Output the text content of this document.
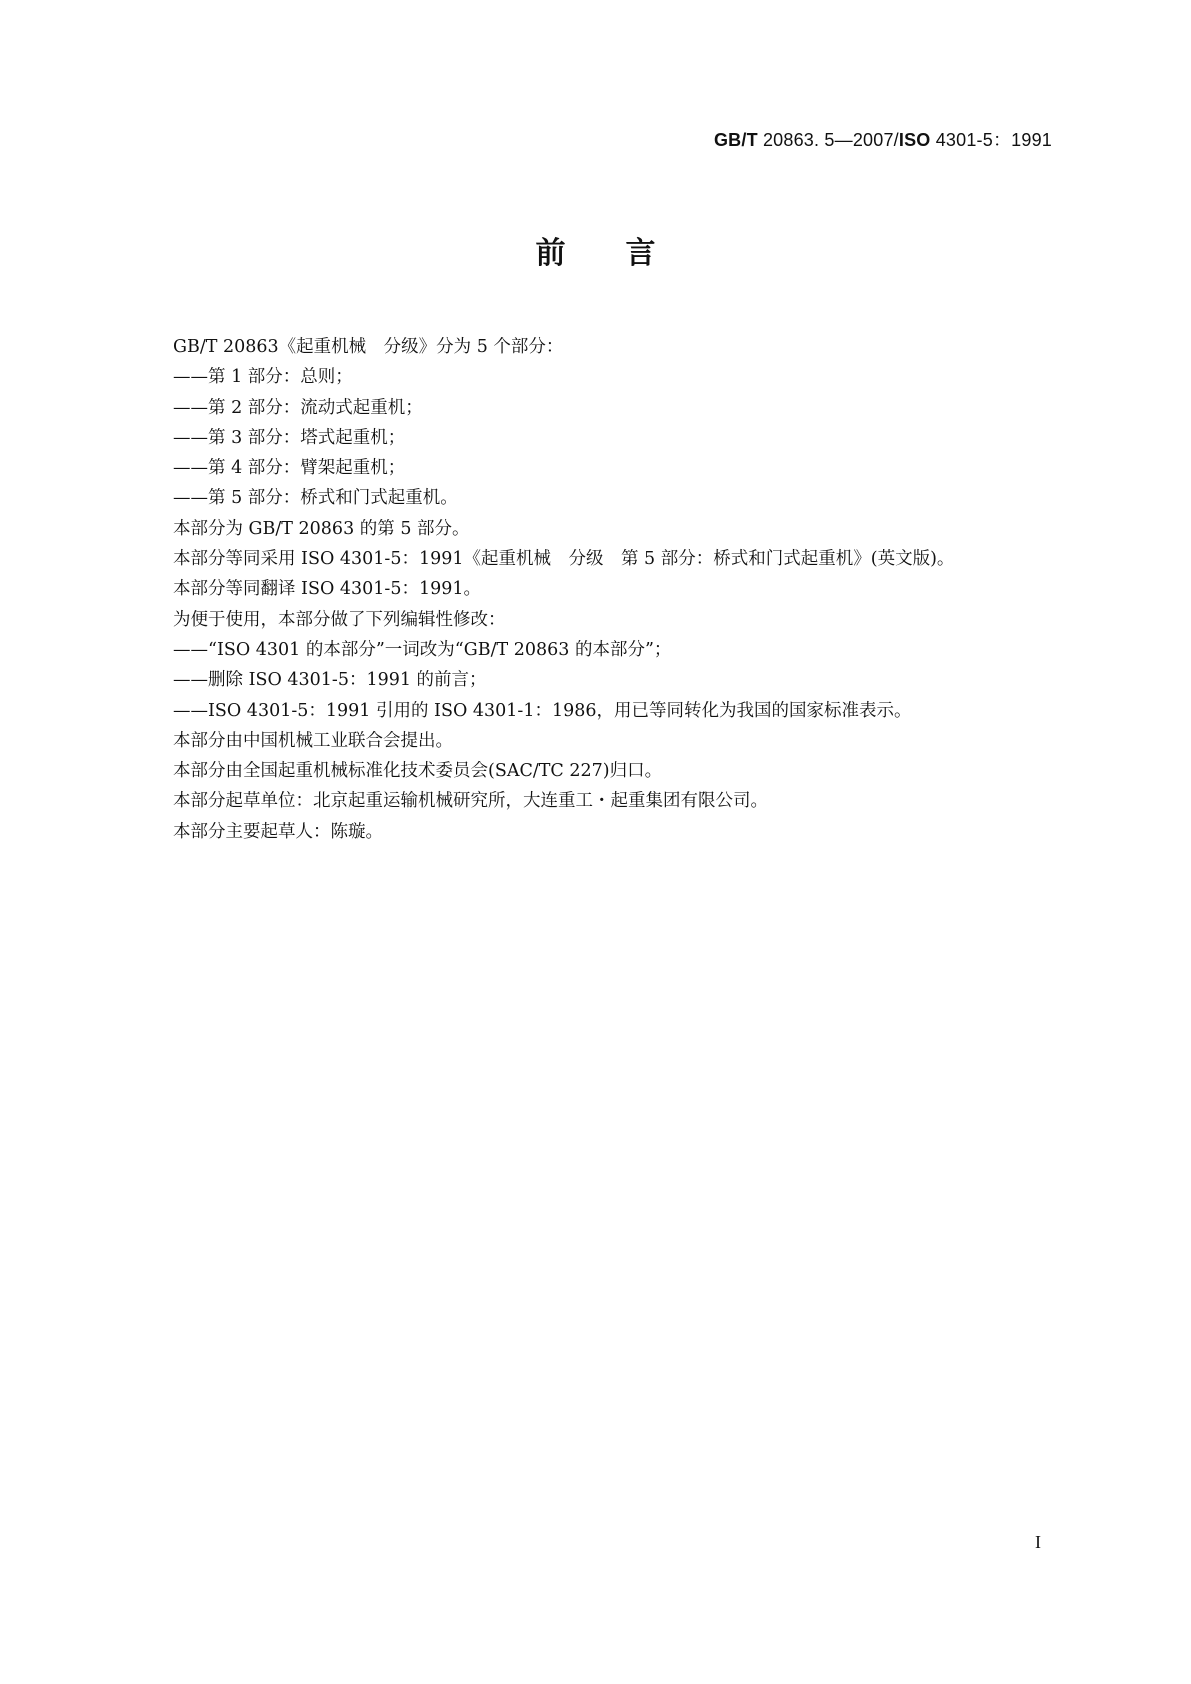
GB/T 20863. 5—2007/ISO 4301-5：1991
前言
GB/T 20863《起重机械　分级》分为 5 个部分：
——第 1 部分：总则；
——第 2 部分：流动式起重机；
——第 3 部分：塔式起重机；
——第 4 部分：臂架起重机；
——第 5 部分：桥式和门式起重机。
本部分为 GB/T 20863 的第 5 部分。
本部分等同采用 ISO 4301-5：1991《起重机械　分级　第 5 部分：桥式和门式起重机》(英文版)。
本部分等同翻译 ISO 4301-5：1991。
为便于使用，本部分做了下列编辑性修改：
——“ISO 4301 的本部分”一词改为“GB/T 20863 的本部分”；
——删除 ISO 4301-5：1991 的前言；
——ISO 4301-5：1991 引用的 ISO 4301-1：1986，用已等同转化为我国的国家标准表示。
本部分由中国机械工业联合会提出。
本部分由全国起重机械标准化技术委员会(SAC/TC 227)归口。
本部分起草单位：北京起重运输机械研究所，大连重工・起重集团有限公司。
本部分主要起草人：陈璇。
I
